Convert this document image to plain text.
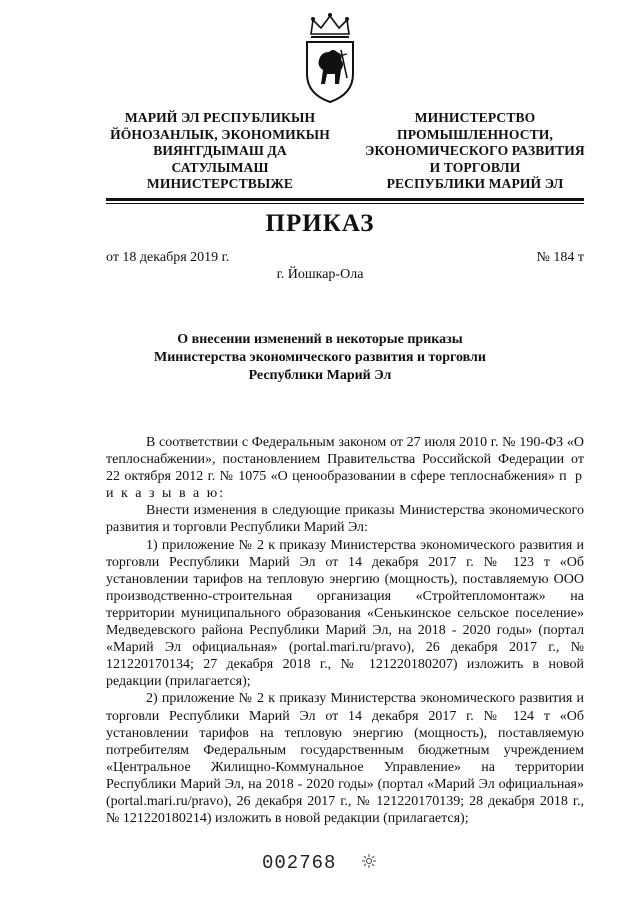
МАРИЙ ЭЛ РЕСПУБЛИКЫН
ЙÖНОЗАНЛЫК, ЭКОНОМИКЫН
ВИЯҤГДЫМАШ ДА
САТУЛЫМАШ
МИНИСТЕРСТВЫЖЕ
МИНИСТЕРСТВО
ПРОМЫШЛЕННОСТИ,
ЭКОНОМИЧЕСКОГО РАЗВИТИЯ
И ТОРГОВЛИ
РЕСПУБЛИКИ МАРИЙ ЭЛ
ПРИКАЗ
от 18 декабря 2019 г.	№ 184 т
г. Йошкар-Ола
О внесении изменений в некоторые приказы
Министерства экономического развития и торговли
Республики Марий Эл

В соответствии с Федеральным законом от 27 июля 2010 г. № 190-ФЗ «О теплоснабжении», постановлением Правительства Российской Федерации от 22 октября 2012 г. № 1075 «О ценообразовании в сфере теплоснабжения» п р и к а з ы в а ю:

Внести изменения в следующие приказы Министерства экономического развития и торговли Республики Марий Эл:

1) приложение № 2 к приказу Министерства экономического развития и торговли Республики Марий Эл от 14 декабря 2017 г. № 123 т «Об установлении тарифов на тепловую энергию (мощность), поставляемую ООО производственно-строительная организация «Стройтепломонтаж» на территории муниципального образования «Сенькинское сельское поселение» Медведевского района Республики Марий Эл, на 2018 - 2020 годы» (портал «Марий Эл официальная» (portal.mari.ru/pravo), 26 декабря 2017 г., № 121220170134; 27 декабря 2018 г., № 121220180207) изложить в новой редакции (прилагается);

2) приложение № 2 к приказу Министерства экономического развития и торговли Республики Марий Эл от 14 декабря 2017 г. № 124 т «Об установлении тарифов на тепловую энергию (мощность), поставляемую потребителям Федеральным государственным бюджетным учреждением «Центральное Жилищно-Коммунальное Управление» на территории Республики Марий Эл, на 2018 - 2020 годы» (портал «Марий Эл официальная» (portal.mari.ru/pravo), 26 декабря 2017 г., № 121220170139; 28 декабря 2018 г., № 121220180214) изложить в новой редакции (прилагается);

002768
